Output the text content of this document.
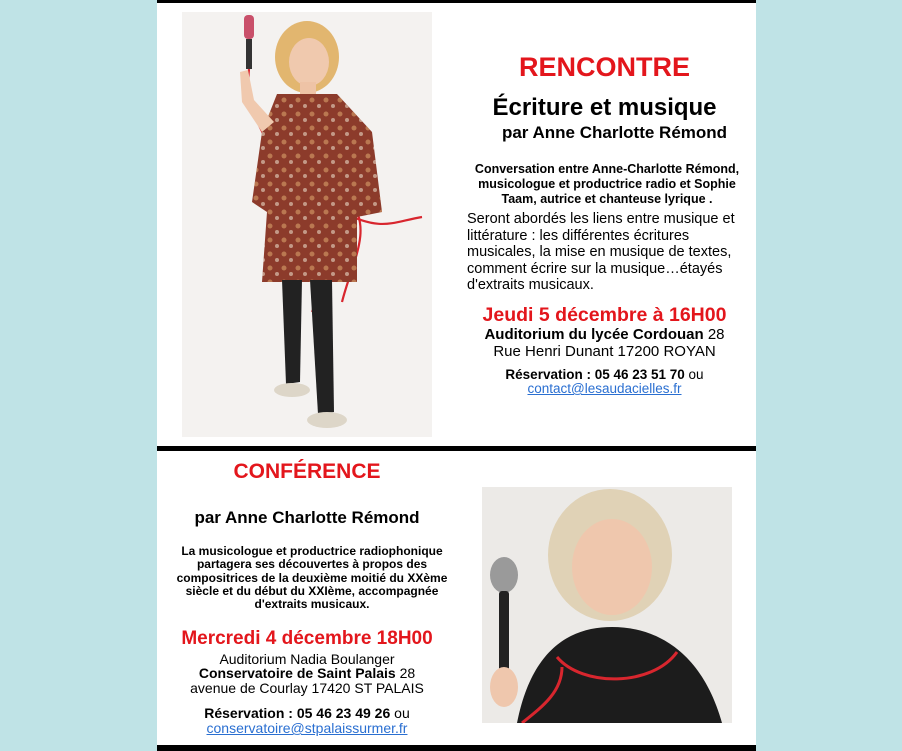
RENCONTRE
Écriture et musique
par Anne Charlotte Rémond
Conversation entre Anne-Charlotte Rémond, musicologue et productrice radio et Sophie Taam, autrice et chanteuse lyrique .
Seront abordés les liens entre musique et littérature : les différentes écritures musicales, la mise en musique de textes, comment écrire sur la musique…étayés d'extraits musicaux.
Jeudi 5 décembre à 16H00
Auditorium du lycée Cordouan 28
Rue Henri Dunant 17200 ROYAN
Réservation : 05 46 23 51 70 ou
contact@lesaudacielles.fr
CONFÉRENCE
par Anne Charlotte Rémond
La musicologue et productrice radiophonique partagera ses découvertes à propos des compositrices de la deuxième moitié du XXème siècle et du début du XXIème, accompagnée d'extraits musicaux.
Mercredi 4 décembre 18H00
Auditorium Nadia Boulanger
Conservatoire de Saint Palais 28
avenue de Courlay 17420 ST PALAIS
Réservation : 05 46 23 49 26 ou
conservatoire@stpalaissurmer.fr
